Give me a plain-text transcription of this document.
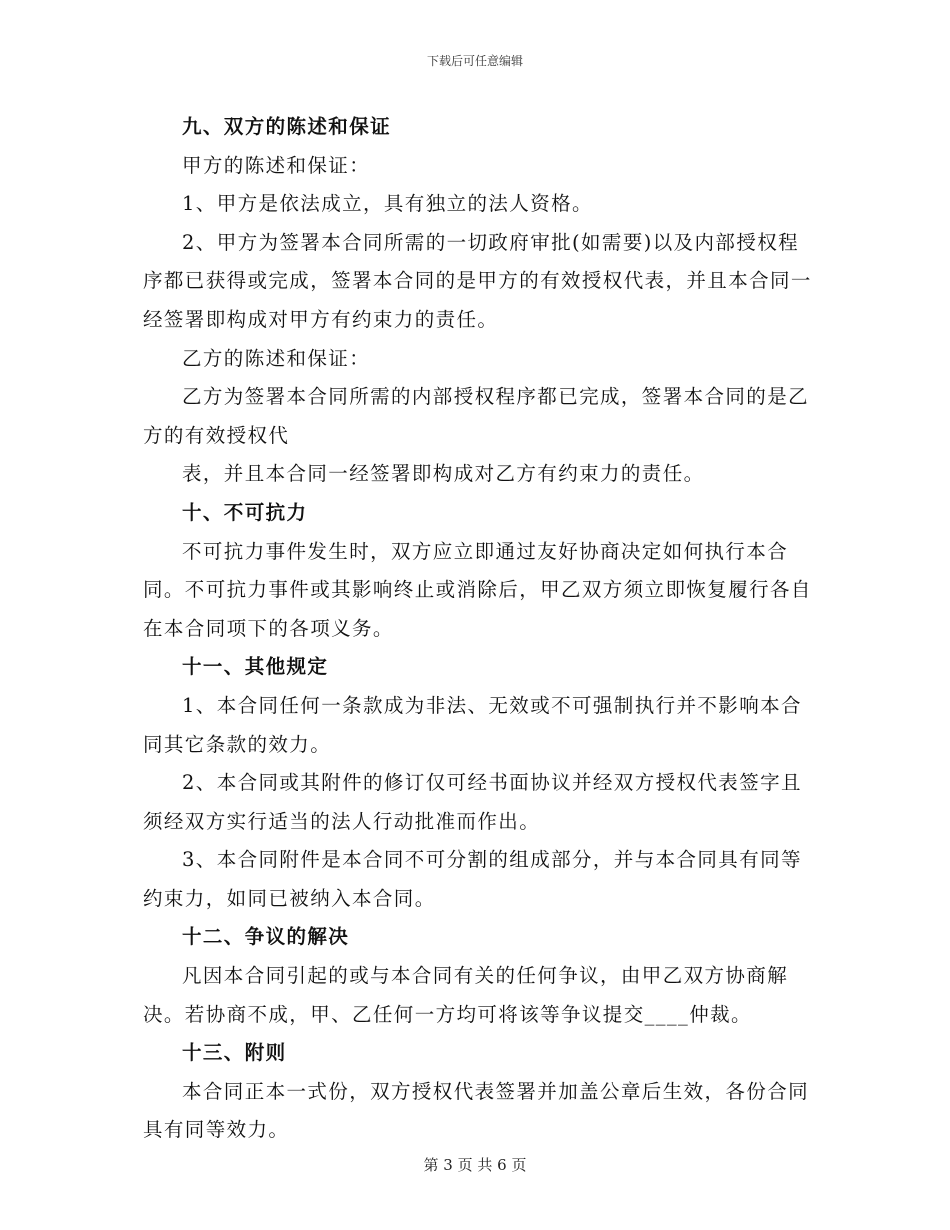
下载后可任意编辑

九、双方的陈述和保证

甲方的陈述和保证：

1、甲方是依法成立，具有独立的法人资格。

2、甲方为签署本合同所需的一切政府审批(如需要)以及内部授权程序都已获得或完成，签署本合同的是甲方的有效授权代表，并且本合同一经签署即构成对甲方有约束力的责任。

乙方的陈述和保证：

乙方为签署本合同所需的内部授权程序都已完成，签署本合同的是乙方的有效授权代

表，并且本合同一经签署即构成对乙方有约束力的责任。

十、不可抗力

不可抗力事件发生时，双方应立即通过友好协商决定如何执行本合同。不可抗力事件或其影响终止或消除后，甲乙双方须立即恢复履行各自在本合同项下的各项义务。

十一、其他规定

1、本合同任何一条款成为非法、无效或不可强制执行并不影响本合同其它条款的效力。

2、本合同或其附件的修订仅可经书面协议并经双方授权代表签字且须经双方实行适当的法人行动批准而作出。

3、本合同附件是本合同不可分割的组成部分，并与本合同具有同等约束力，如同已被纳入本合同。

十二、争议的解决

凡因本合同引起的或与本合同有关的任何争议，由甲乙双方协商解决。若协商不成，甲、乙任何一方均可将该等争议提交____仲裁。

十三、附则

本合同正本一式份，双方授权代表签署并加盖公章后生效，各份合同具有同等效力。

第 3 页 共 6 页
